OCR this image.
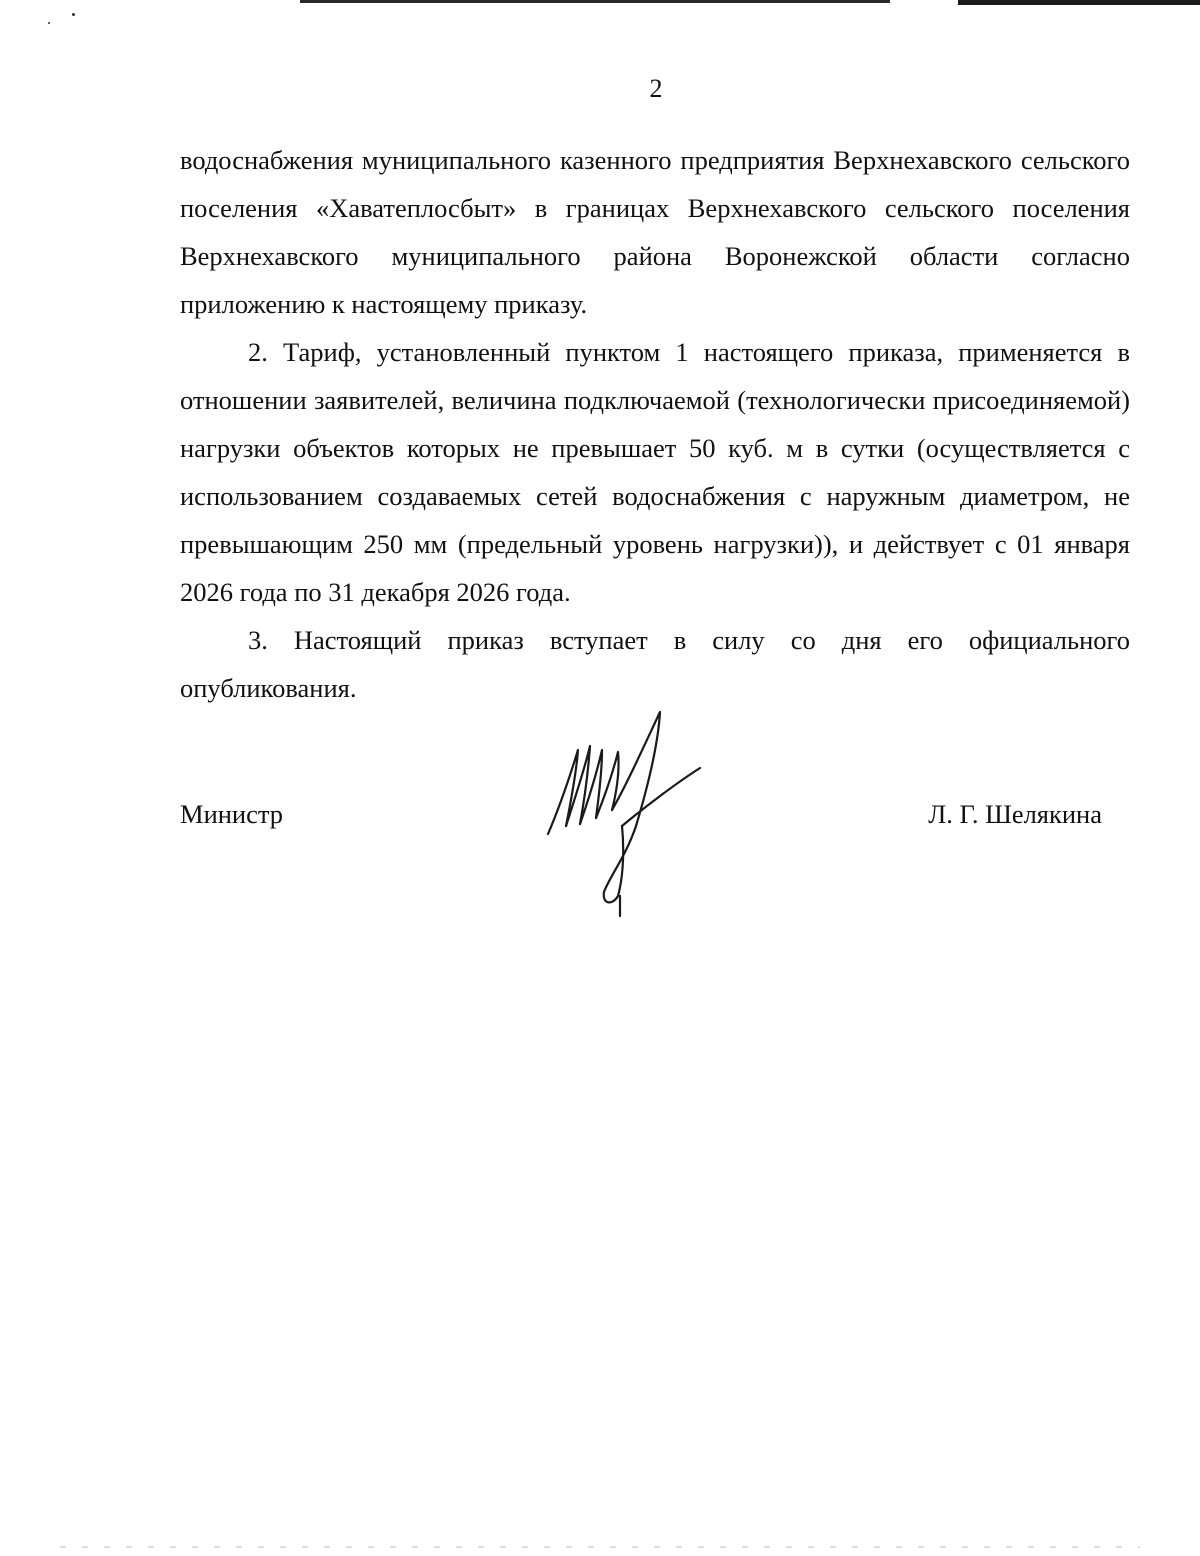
2

водоснабжения муниципального казенного предприятия Верхнехавского сельского поселения «Хаватеплосбыт» в границах Верхнехавского сельского поселения Верхнехавского муниципального района Воронежской области согласно приложению к настоящему приказу.

2. Тариф, установленный пунктом 1 настоящего приказа, применяется в отношении заявителей, величина подключаемой (технологически присоединяемой) нагрузки объектов которых не превышает 50 куб. м в сутки (осуществляется с использованием создаваемых сетей водоснабжения с наружным диаметром, не превышающим 250 мм (предельный уровень нагрузки)), и действует с 01 января 2026 года по 31 декабря 2026 года.

3. Настоящий приказ вступает в силу со дня его официального опубликования.

Министр	Л. Г. Шелякина
